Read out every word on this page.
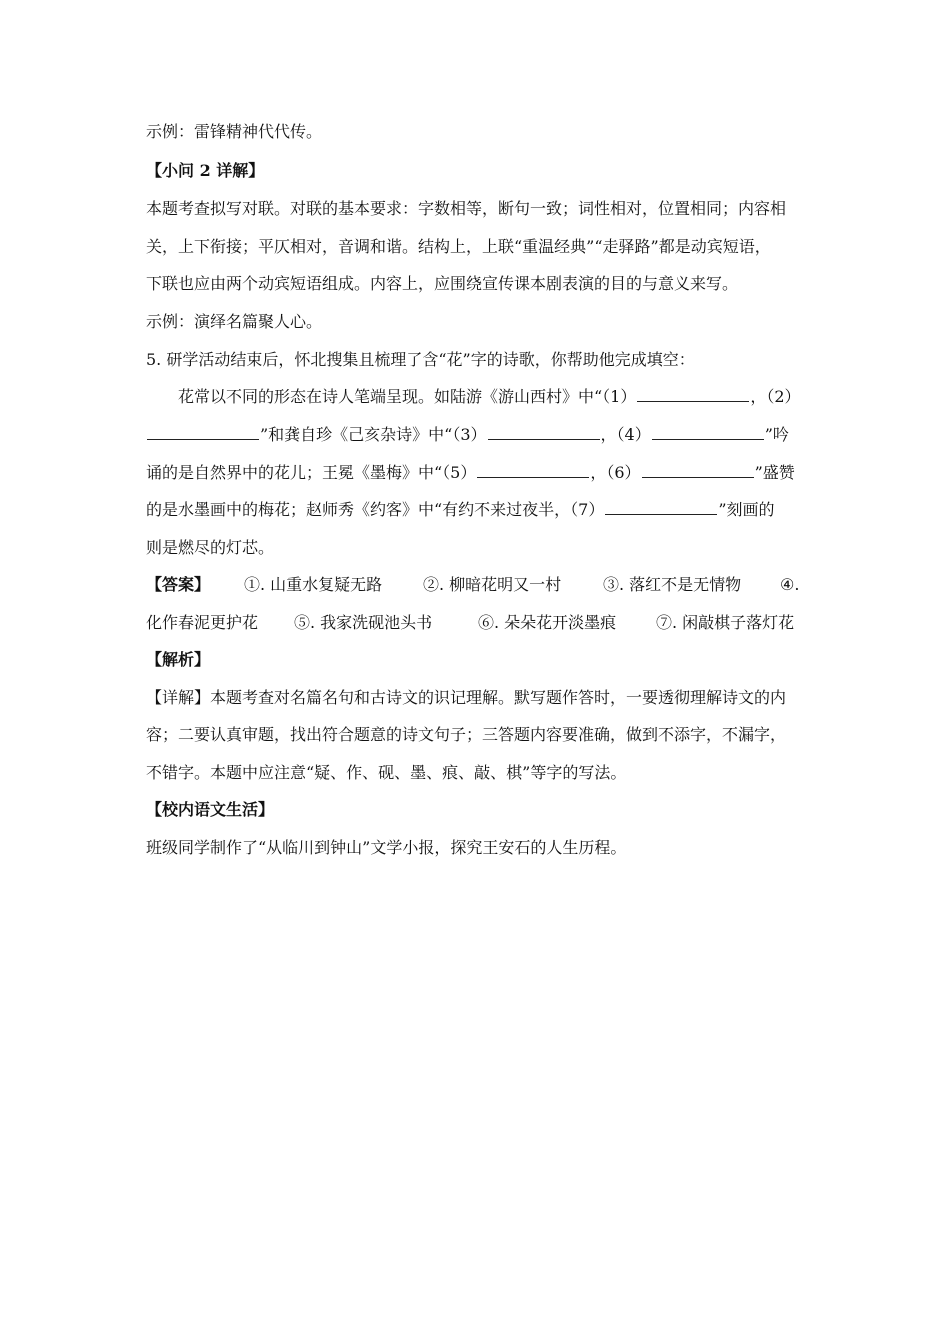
示例：雷锋精神代代传。
【小问 2 详解】
本题考查拟写对联。对联的基本要求：字数相等，断句一致；词性相对，位置相同；内容相
关，上下衔接；平仄相对，音调和谐。结构上，上联“重温经典”“走驿路”都是动宾短语，
下联也应由两个动宾短语组成。内容上，应围绕宣传课本剧表演的目的与意义来写。
示例：演绎名篇聚人心。
5. 研学活动结束后，怀北搜集且梳理了含“花”字的诗歌，你帮助他完成填空：
花常以不同的形态在诗人笔端呈现。如陆游《游山西村》中“（1）	，（2）
”和龚自珍《己亥杂诗》中“（3）	，（4）	”吟
诵的是自然界中的花儿；王冕《墨梅》中“（5）	，（6）	”盛赞
的是水墨画中的梅花；赵师秀《约客》中“有约不来过夜半，（7）	”刻画的
则是燃尽的灯芯。
【答案】 ①. 山重水复疑无路	②. 柳暗花明又一村	③. 落红不是无情物 ④.
化作春泥更护花 ⑤. 我家洗砚池头书	⑥. 朵朵花开淡墨痕 ⑦. 闲敲棋子落灯花
【解析】
【详解】本题考查对名篇名句和古诗文的识记理解。默写题作答时，一要透彻理解诗文的内
容；二要认真审题，找出符合题意的诗文句子；三答题内容要准确，做到不添字，不漏字，
不错字。本题中应注意“疑、作、砚、墨、痕、敲、棋”等字的写法。
【校内语文生活】
班级同学制作了“从临川到钟山”文学小报，探究王安石的人生历程。
